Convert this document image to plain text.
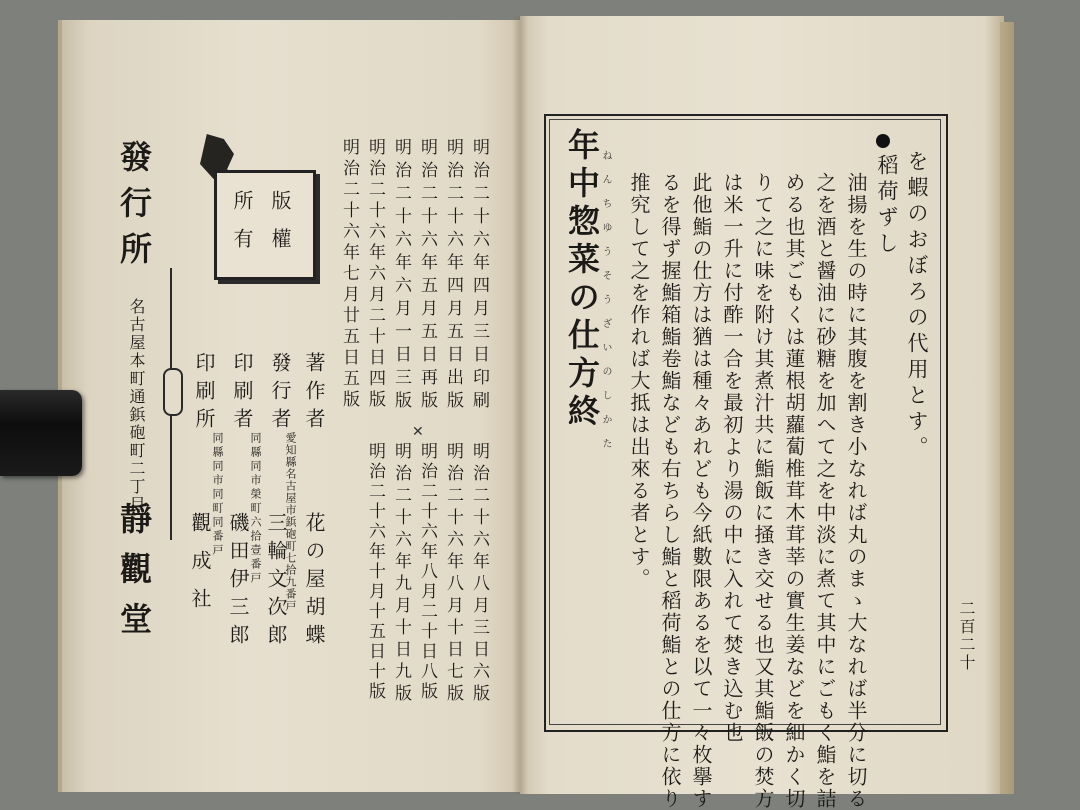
年中惣菜の仕方終 ねんちゆうそうざいのしかた	を蝦のおぼろの代用とす。
稻荷ずし
油揚を生の時に其腹を割き小なれば丸のまゝ大なれば半分に切る
之を酒と醤油に砂糖を加へて之を中淡に煮て其中にごもく鮨を詰
める也其ごもくは蓮根胡蘿蔔椎茸木茸莘の實生姜などを細かく切
りて之に味を附け其煮汁共に鮨飯に掻き交せる也又其鮨飯の焚方
は米一升に付酢一合を最初より湯の中に入れて焚き込む也
此他鮨の仕方は猶は種々あれども今紙數限あるを以て一々枚擧す
るを得ず握鮨箱鮨卷鮨なども右ちらし鮨と稻荷鮨との仕方に依り
推究して之を作れば大抵は出來る者とす。
二百二十
明治二十六年四月三日印刷
明治二十六年四月五日出版
明治二十六年五月五日再版
明治二十六年六月一日三版
明治二十六年六月二十日四版
明治二十六年七月廿五日五版
✕
明治二十六年八月三日六版
明治二十六年八月十日七版
明治二十六年八月二十日八版
明治二十六年九月十日九版
明治二十六年十月十五日十版
版權
所有
著作者
花の屋胡蝶
發行者
愛知縣名古屋市鋲砲町七拾九番戸
三輪文次郎
印刷者
同縣同市榮町六拾壹番戸
磯田伊三郎
印刷所
同縣同市同町同番戸
觀成社
發行所
名古屋本町通鋲砲町二丁目
靜觀堂
